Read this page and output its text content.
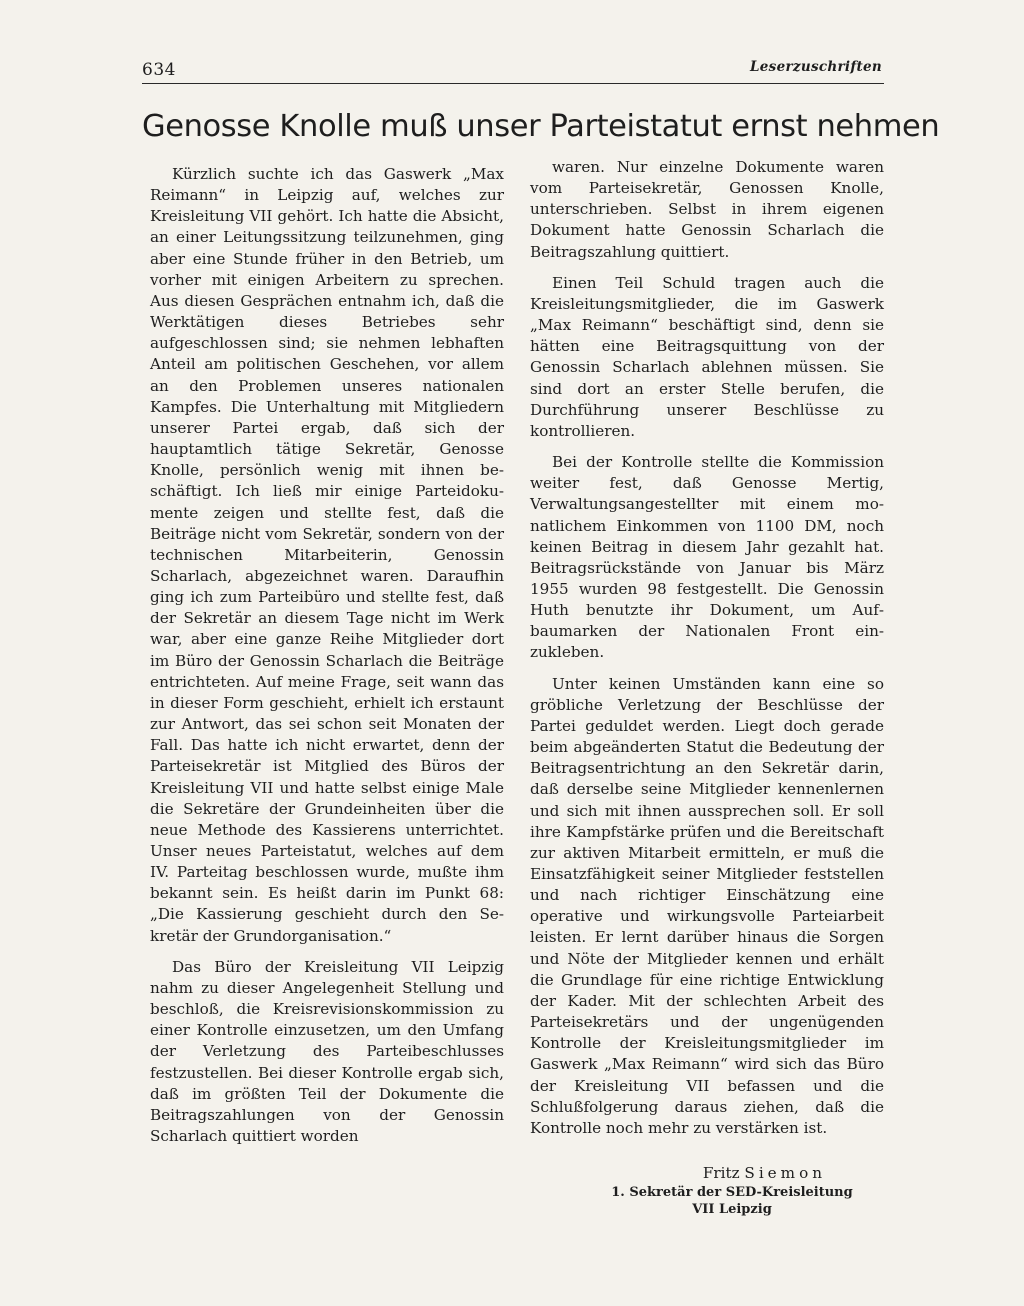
634	Leserzuschriften
Genosse Knolle muß unser Parteistatut ernst nehmen

Kürzlich suchte ich das Gaswerk „Max Reimann“ in Leipzig auf, welches zur Kreisleitung VII gehört. Ich hatte die Absicht, an einer Leitungssitzung teilzunehmen, ging aber eine Stunde früher in den Betrieb, um vorher mit einigen Arbeitern zu sprechen. Aus diesen Gesprächen entnahm ich, daß die Werktätigen dieses Betriebes sehr aufgeschlossen sind; sie nehmen lebhaften Anteil am politischen Geschehen, vor allem an den Problemen unseres nationalen Kampfes. Die Unterhaltung mit Mitgliedern unserer Partei ergab, daß sich der hauptamtlich tätige Sekretär, Genosse Knolle, persönlich wenig mit ihnen beschäftigt. Ich ließ mir einige Parteidokumente zeigen und stellte fest, daß die Beiträge nicht vom Sekretär, sondern von der technischen Mitarbeiterin, Genossin Scharlach, abgezeichnet waren. Daraufhin ging ich zum Parteibüro und stellte fest, daß der Sekretär an diesem Tage nicht im Werk war, aber eine ganze Reihe Mitglieder dort im Büro der Genossin Scharlach die Beiträge entrichteten. Auf meine Frage, seit wann das in dieser Form geschieht, erhielt ich erstaunt zur Antwort, das sei schon seit Monaten der Fall. Das hatte ich nicht erwartet, denn der Parteisekretär ist Mitglied des Büros der Kreisleitung VII und hatte selbst einige Male die Sekretäre der Grundeinheiten über die neue Methode des Kassierens unterrichtet. Unser neues Parteistatut, welches auf dem IV. Parteitag beschlossen wurde, mußte ihm bekannt sein. Es heißt darin im Punkt 68: „Die Kassierung geschieht durch den Sekretär der Grundorganisation.“

Das Büro der Kreisleitung VII Leipzig nahm zu dieser Angelegenheit Stellung und beschloß, die Kreisrevisionskommission zu einer Kontrolle einzusetzen, um den Umfang der Verletzung des Parteibeschlusses festzustellen. Bei dieser Kontrolle ergab sich, daß im größten Teil der Dokumente die Beitragszahlungen von der Genossin Scharlach quittiert worden

waren. Nur einzelne Dokumente waren vom Parteisekretär, Genossen Knolle, unterschrieben. Selbst in ihrem eigenen Dokument hatte Genossin Scharlach die Beitragszahlung quittiert.

Einen Teil Schuld tragen auch die Kreisleitungsmitglieder, die im Gaswerk „Max Reimann“ beschäftigt sind, denn sie hätten eine Beitragsquittung von der Genossin Scharlach ablehnen müssen. Sie sind dort an erster Stelle berufen, die Durchführung unserer Beschlüsse zu kontrollieren.

Bei der Kontrolle stellte die Kommission weiter fest, daß Genosse Mertig, Verwaltungsangestellter mit einem monatlichem Einkommen von 1100 DM, noch keinen Beitrag in diesem Jahr gezahlt hat. Beitragsrückstände von Januar bis März 1955 wurden 98 festgestellt. Die Genossin Huth benutzte ihr Dokument, um Aufbaumarken der Nationalen Front einzukleben.

Unter keinen Umständen kann eine so gröbliche Verletzung der Beschlüsse der Partei geduldet werden. Liegt doch gerade beim abgeänderten Statut die Bedeutung der Beitragsentrichtung an den Sekretär darin, daß derselbe seine Mitglieder kennenlernen und sich mit ihnen aussprechen soll. Er soll ihre Kampfstärke prüfen und die Bereitschaft zur aktiven Mitarbeit ermitteln, er muß die Einsatzfähigkeit seiner Mitglieder feststellen und nach richtiger Einschätzung eine operative und wirkungsvolle Parteiarbeit leisten. Er lernt darüber hinaus die Sorgen und Nöte der Mitglieder kennen und erhält die Grundlage für eine richtige Entwicklung der Kader. Mit der schlechten Arbeit des Parteisekretärs und der ungenügenden Kontrolle der Kreisleitungsmitglieder im Gaswerk „Max Reimann“ wird sich das Büro der Kreisleitung VII befassen und die Schlußfolgerung daraus ziehen, daß die Kontrolle noch mehr zu verstärken ist.

Fritz Siemon
1. Sekretär der SED-Kreisleitung
VII Leipzig
